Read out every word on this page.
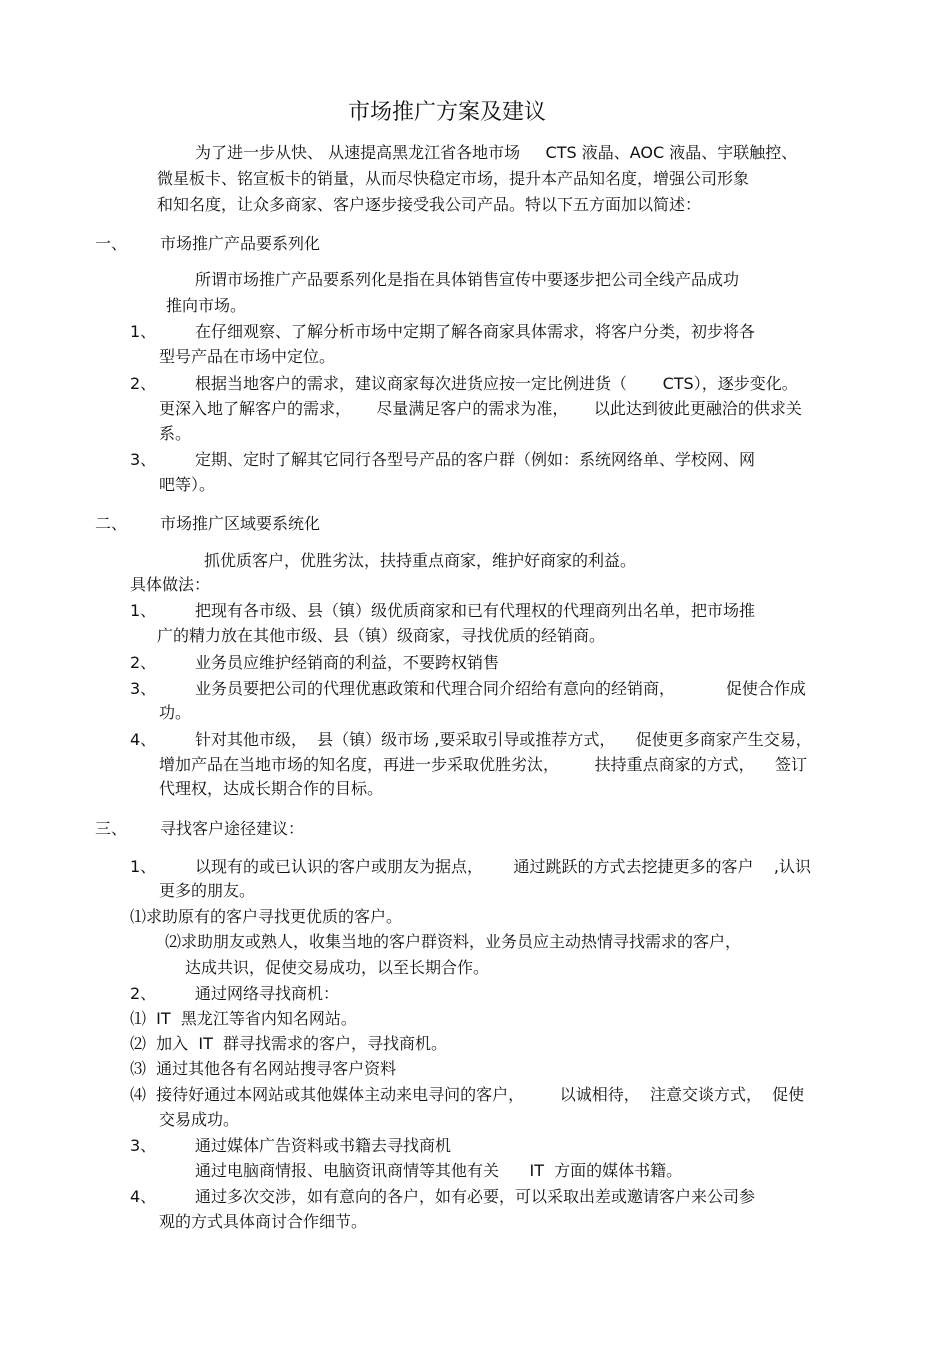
市场推广方案及建议
为了进一步从快、 从速提高黑龙江省各地市场     CTS 液晶、AOC 液晶、宇联触控、
微星板卡、铭宣板卡的销量，从而尽快稳定市场，提升本产品知名度，增强公司形象
和知名度，让众多商家、客户逐步接受我公司产品。特以下五方面加以简述：
一、 市场推广产品要系列化
所谓市场推广产品要系列化是指在具体销售宣传中要逐步把公司全线产品成功
推向市场。
1、 在仔细观察、了解分析市场中定期了解各商家具体需求，将客户分类，初步将各
型号产品在市场中定位。
2、 根据当地客户的需求，建议商家每次进货应按一定比例进货（       CTS），逐步变化。
更深入地了解客户的需求，     尽量满足客户的需求为准，     以此达到彼此更融洽的供求关
系。
3、 定期、定时了解其它同行各型号产品的客户群（例如：系统网络单、学校网、网
吧等）。
二、 市场推广区域要系统化
抓优质客户，优胜劣汰，扶持重点商家，维护好商家的利益。
具体做法：
1、 把现有各市级、县（镇）级优质商家和已有代理权的代理商列出名单，把市场推
广的精力放在其他市级、县（镇）级商家，寻找优质的经销商。
2、 业务员应维护经销商的利益，不要跨权销售
3、 业务员要把公司的代理优惠政策和代理合同介绍给有意向的经销商，          促使合作成
功。
4、 针对其他市级，  县（镇）级市场 ,要采取引导或推荐方式，    促使更多商家产生交易，
增加产品在当地市场的知名度，再进一步采取优胜劣汰，       扶持重点商家的方式，    签订
代理权，达成长期合作的目标。
三、 寻找客户途径建议：
1、 以现有的或已认识的客户或朋友为据点，      通过跳跃的方式去挖捷更多的客户    ,认识
更多的朋友。
⑴求助原有的客户寻找更优质的客户。
⑵求助朋友或熟人，收集当地的客户群资料，业务员应主动热情寻找需求的客户，
达成共识，促使交易成功，以至长期合作。
2、 通过网络寻找商机：
⑴  IT  黑龙江等省内知名网站。
⑵  加入  IT  群寻找需求的客户，寻找商机。
⑶  通过其他各有名网站搜寻客户资料
⑷  接待好通过本网站或其他媒体主动来电寻问的客户，       以诚相待，  注意交谈方式，  促使
交易成功。
3、 通过媒体广告资料或书籍去寻找商机
通过电脑商情报、电脑资讯商情等其他有关      IT  方面的媒体书籍。
4、 通过多次交涉，如有意向的各户，如有必要，可以采取出差或邀请客户来公司参
观的方式具体商讨合作细节。
